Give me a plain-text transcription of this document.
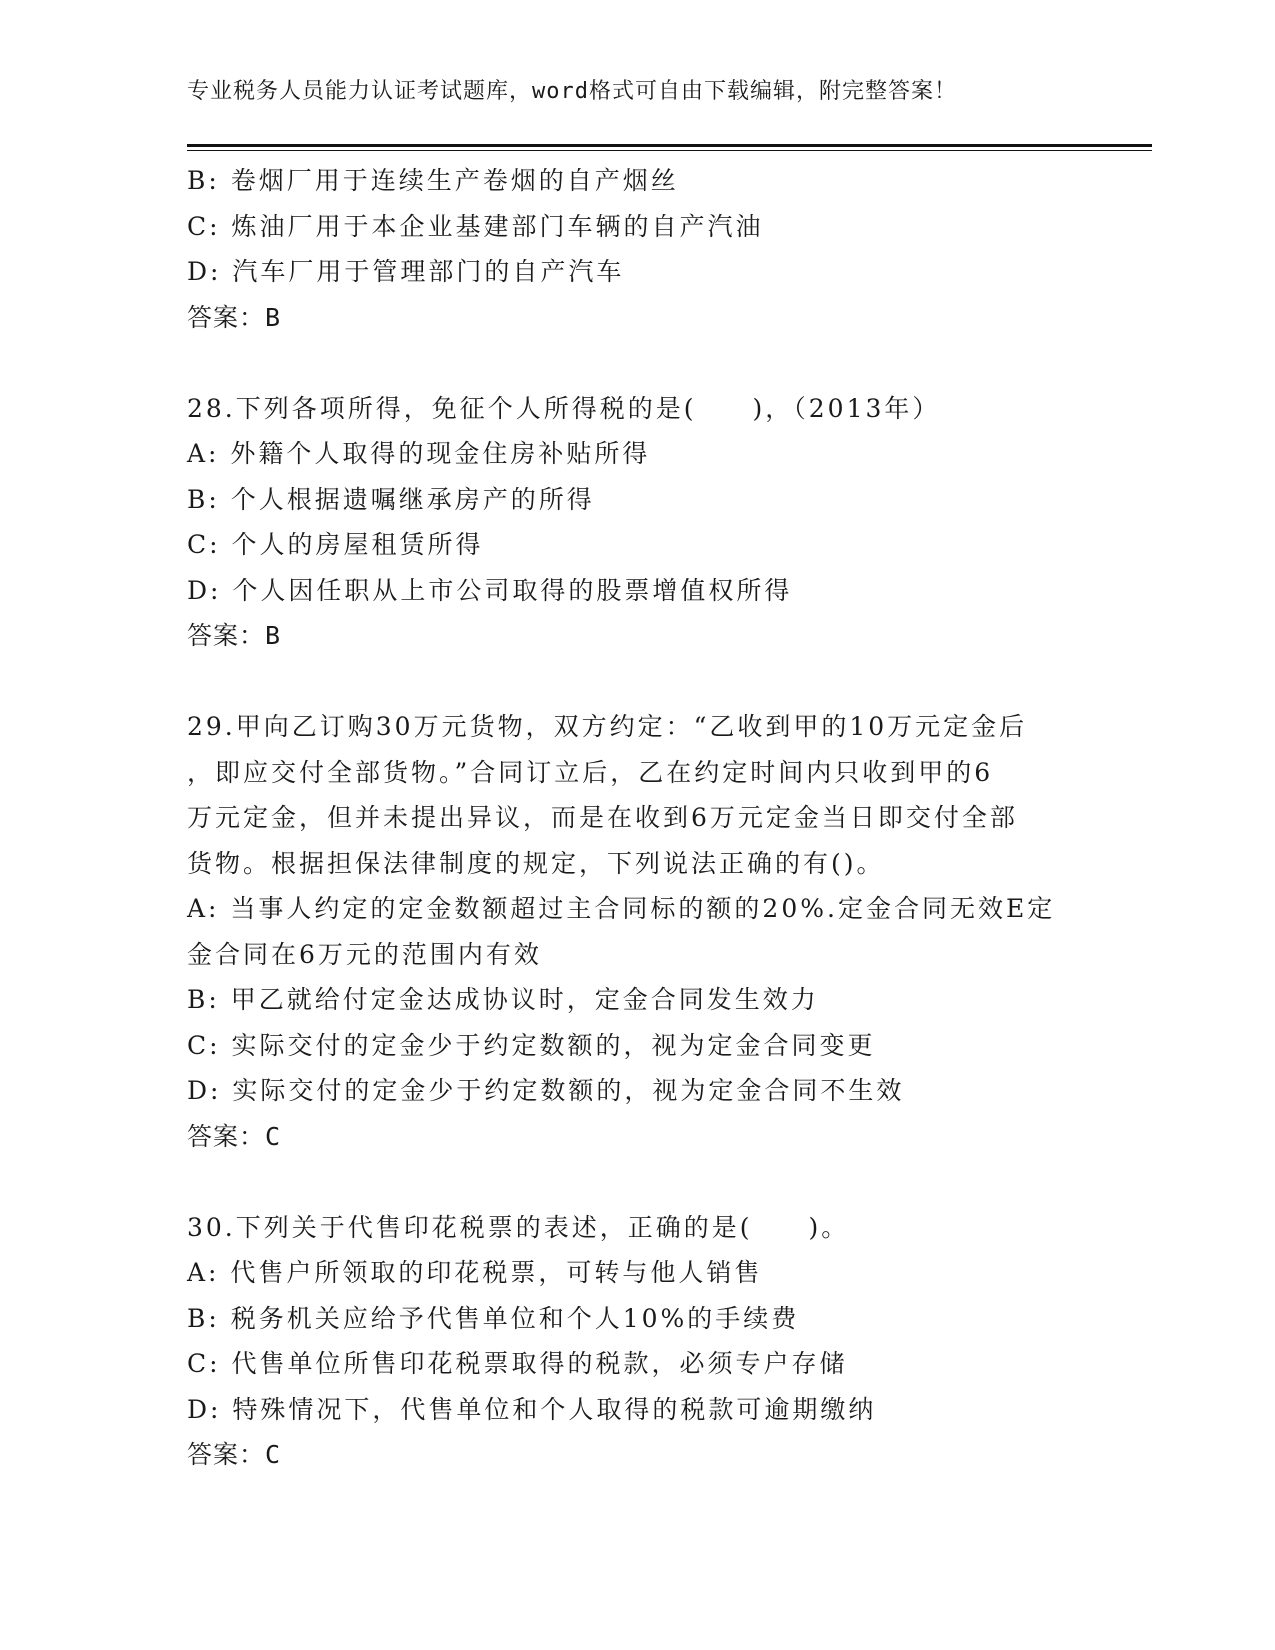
专业税务人员能力认证考试题库，word格式可自由下载编辑，附完整答案！
B: 卷烟厂用于连续生产卷烟的自产烟丝
C: 炼油厂用于本企业基建部门车辆的自产汽油
D: 汽车厂用于管理部门的自产汽车
答案：B
28.下列各项所得，免征个人所得税的是(　　)，（2013年）
A: 外籍个人取得的现金住房补贴所得
B: 个人根据遗嘱继承房产的所得
C: 个人的房屋租赁所得
D: 个人因任职从上市公司取得的股票增值权所得
答案：B
29.甲向乙订购30万元货物，双方约定：“乙收到甲的10万元定金后
，即应交付全部货物。”合同订立后，乙在约定时间内只收到甲的6
万元定金，但并未提出异议，而是在收到6万元定金当日即交付全部
货物。根据担保法律制度的规定，下列说法正确的有()。
A: 当事人约定的定金数额超过主合同标的额的20%.定金合同无效E定
金合同在6万元的范围内有效
B: 甲乙就给付定金达成协议时，定金合同发生效力
C: 实际交付的定金少于约定数额的，视为定金合同变更
D: 实际交付的定金少于约定数额的，视为定金合同不生效
答案：C
30.下列关于代售印花税票的表述，正确的是(　　)。
A: 代售户所领取的印花税票，可转与他人销售
B: 税务机关应给予代售单位和个人10%的手续费
C: 代售单位所售印花税票取得的税款，必须专户存储
D: 特殊情况下，代售单位和个人取得的税款可逾期缴纳
答案：C
